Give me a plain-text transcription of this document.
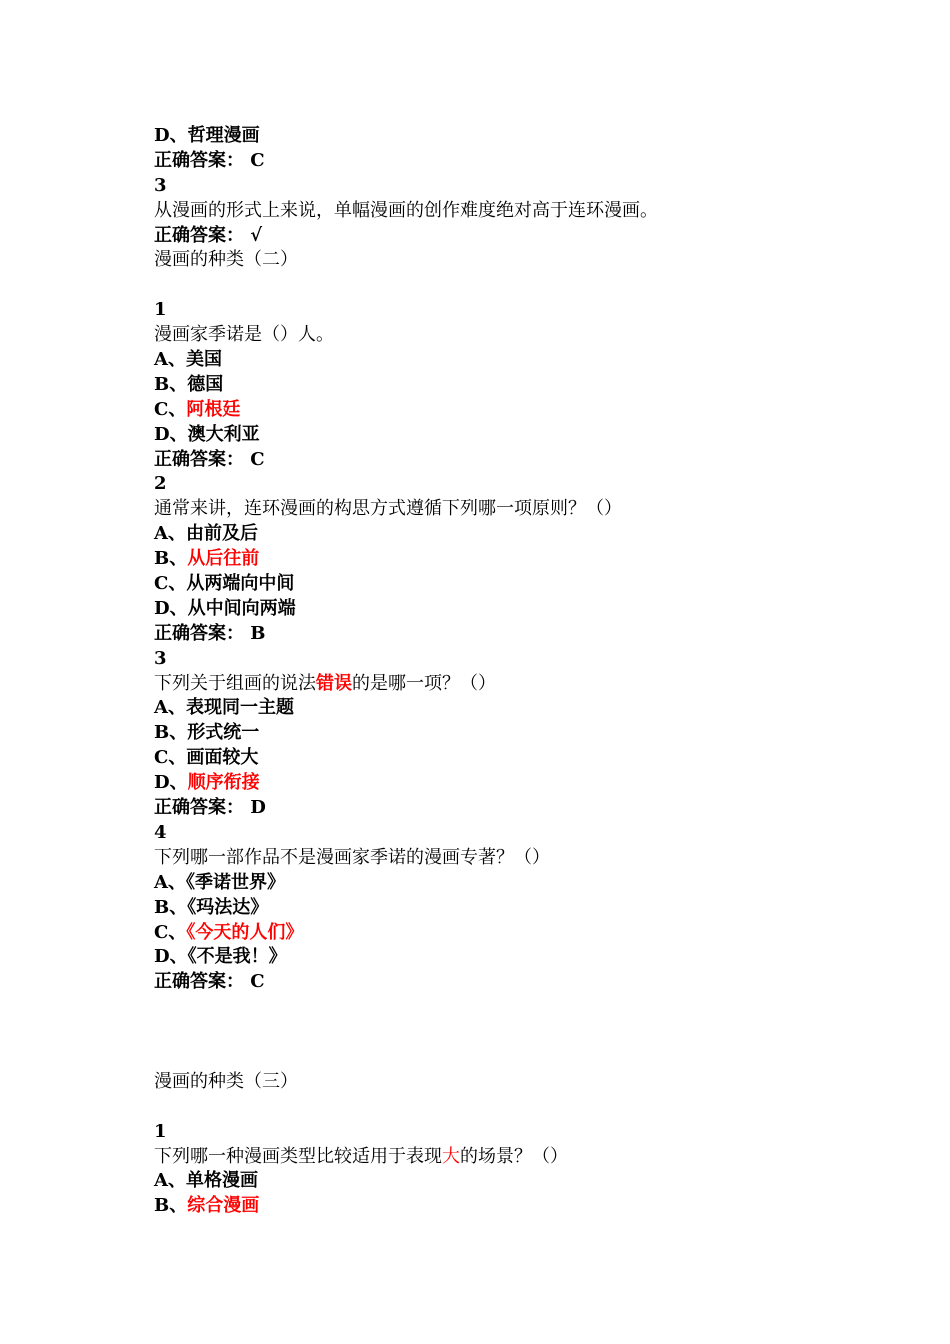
D、哲理漫画
正确答案： C
3
从漫画的形式上来说，单幅漫画的创作难度绝对高于连环漫画。
正确答案： √
漫画的种类（二）
1
漫画家季诺是（）人。
A、美国
B、德国
C、阿根廷
D、澳大利亚
正确答案： C
2
通常来讲，连环漫画的构思方式遵循下列哪一项原则？（）
A、由前及后
B、从后往前
C、从两端向中间
D、从中间向两端
正确答案： B
3
下列关于组画的说法错误的是哪一项？（）
A、表现同一主题
B、形式统一
C、画面较大
D、顺序衔接
正确答案： D
4
下列哪一部作品不是漫画家季诺的漫画专著？（）
A、《季诺世界》
B、《玛法达》
C、《今天的人们》
D、《不是我！》
正确答案： C
漫画的种类（三）
1
下列哪一种漫画类型比较适用于表现大的场景？（）
A、单格漫画
B、综合漫画
